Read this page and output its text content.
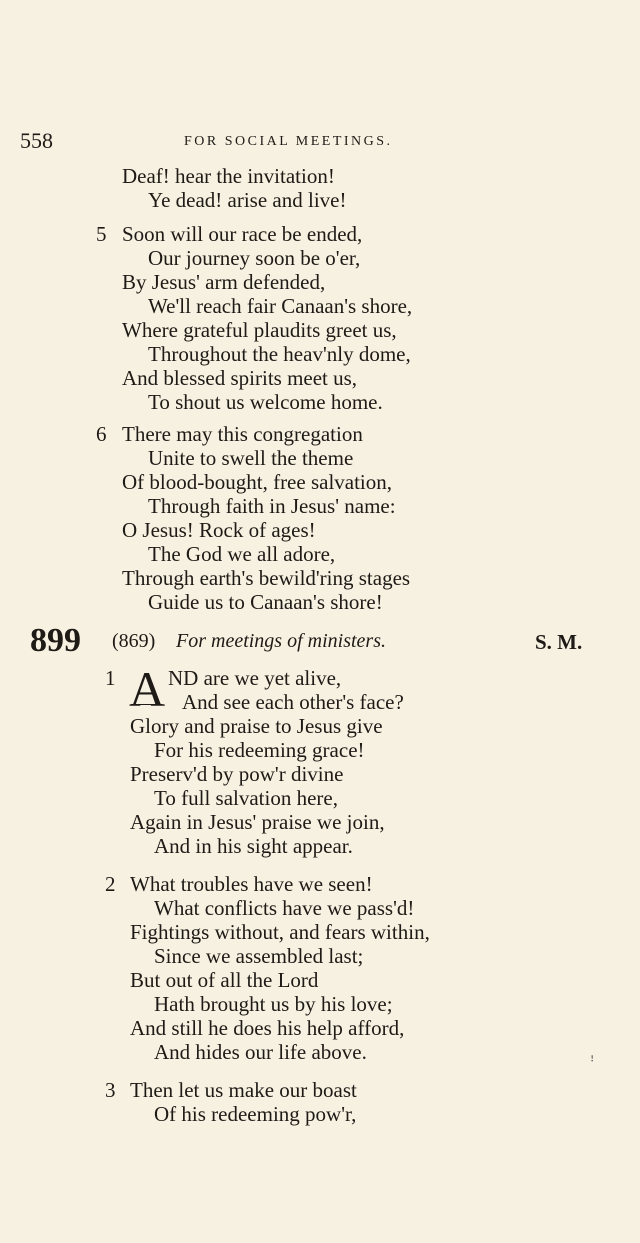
558	FOR SOCIAL MEETINGS.
Deaf! hear the invitation!
Ye dead! arise and live!
5 Soon will our race be ended,
Our journey soon be o'er,
By Jesus' arm defended,
We'll reach fair Canaan's shore,
Where grateful plaudits greet us,
Throughout the heav'nly dome,
And blessed spirits meet us,
To shout us welcome home.
6 There may this congregation
Unite to swell the theme
Of blood-bought, free salvation,
Through faith in Jesus' name:
O Jesus! Rock of ages!
The God we all adore,
Through earth's bewild'ring stages
Guide us to Canaan's shore!
899 (869) For meetings of ministers.	S. M.
1 A ND are we yet alive,
And see each other's face?
Glory and praise to Jesus give
For his redeeming grace!
Preserv'd by pow'r divine
To full salvation here,
Again in Jesus' praise we join,
And in his sight appear.
2 What troubles have we seen!
What conflicts have we pass'd!
Fightings without, and fears within,
Since we assembled last;
But out of all the Lord
Hath brought us by his love;
And still he does his help afford,
And hides our life above.
3 Then let us make our boast
Of his redeeming pow'r,
ꜝ
